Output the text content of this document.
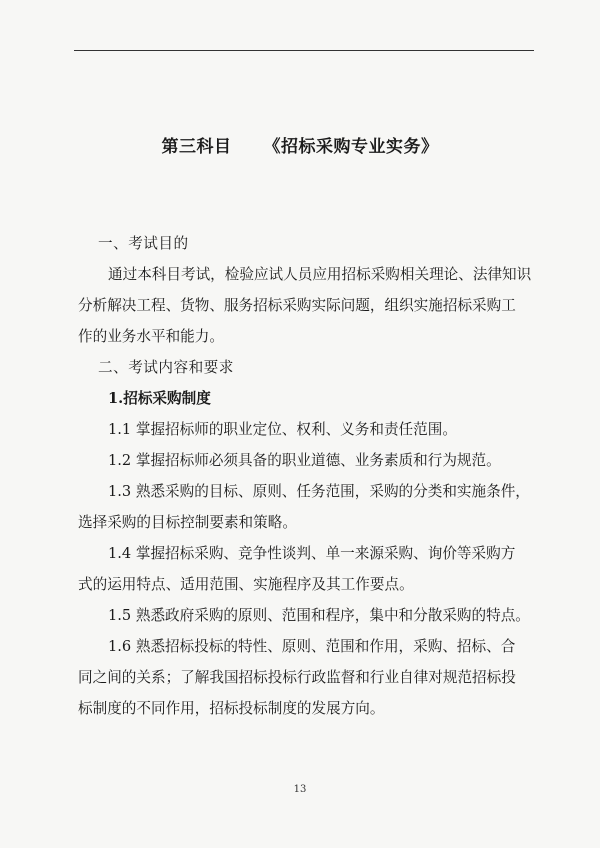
第三科目 《招标采购专业实务》

一、考试目的

通过本科目考试，检验应试人员应用招标采购相关理论、法律知识
分析解决工程、货物、服务招标采购实际问题，组织实施招标采购工
作的业务水平和能力。

二、考试内容和要求

1.招标采购制度

1.1 掌握招标师的职业定位、权利、义务和责任范围。
1.2 掌握招标师必须具备的职业道德、业务素质和行为规范。
1.3 熟悉采购的目标、原则、任务范围，采购的分类和实施条件，
选择采购的目标控制要素和策略。
1.4 掌握招标采购、竞争性谈判、单一来源采购、询价等采购方
式的运用特点、适用范围、实施程序及其工作要点。
1.5 熟悉政府采购的原则、范围和程序，集中和分散采购的特点。
1.6 熟悉招标投标的特性、原则、范围和作用，采购、招标、合
同之间的关系；了解我国招标投标行政监督和行业自律对规范招标投
标制度的不同作用，招标投标制度的发展方向。
13
